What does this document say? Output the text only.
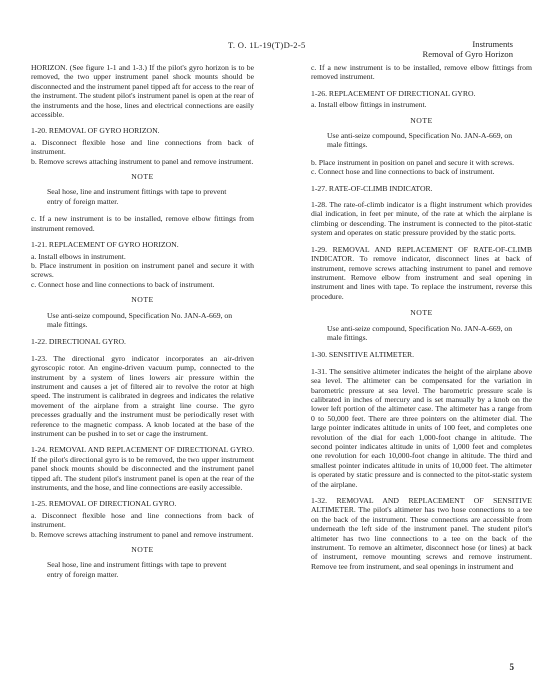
T. O. 1L-19(T)D-2-5	Instruments
Removal of Gyro Horizon

HORIZON. (See figure 1-1 and 1-3.) If the pilot's gyro horizon is to be removed, the two upper instrument panel shock mounts should be disconnected and the instrument panel tipped aft for access to the rear of the instrument. The student pilot's instrument panel is open at the rear of the instruments and the hose, lines and electrical connections are easily accessible.

1-20. REMOVAL OF GYRO HORIZON.

a. Disconnect flexible hose and line connections from back of instrument.

b. Remove screws attaching instrument to panel and remove instrument.

NOTE

Seal hose, line and instrument fittings with tape to prevent entry of foreign matter.

c. If a new instrument is to be installed, remove elbow fittings from instrument removed.

1-21. REPLACEMENT OF GYRO HORIZON.

a. Install elbows in instrument.

b. Place instrument in position on instrument panel and secure it with screws.

c. Connect hose and line connections to back of instrument.

NOTE

Use anti-seize compound, Specification No. JAN-A-669, on male fittings.

1-22. DIRECTIONAL GYRO.

1-23. The directional gyro indicator incorporates an air-driven gyroscopic rotor. An engine-driven vacuum pump, connected to the instrument by a system of lines lowers air pressure within the instrument and causes a jet of filtered air to revolve the rotor at high speed. The instrument is calibrated in degrees and indicates the relative movement of the airplane from a straight line course. The gyro precesses gradually and the instrument must be periodically reset with reference to the magnetic compass. A knob located at the base of the instrument can be pushed in to set or cage the instrument.

1-24. REMOVAL AND REPLACEMENT OF DIRECTIONAL GYRO. If the pilot's directional gyro is to be removed, the two upper instrument panel shock mounts should be disconnected and the instrument panel tipped aft. The student pilot's instrument panel is open at the rear of the instruments, and the hose, and line connections are easily accessible.

1-25. REMOVAL OF DIRECTIONAL GYRO.

a. Disconnect flexible hose and line connections from back of instrument.

b. Remove screws attaching instrument to panel and remove instrument.

NOTE

Seal hose, line and instrument fittings with tape to prevent entry of foreign matter.

c. If a new instrument is to be installed, remove elbow fittings from removed instrument.

1-26. REPLACEMENT OF DIRECTIONAL GYRO.

a. Install elbow fittings in instrument.

NOTE

Use anti-seize compound, Specification No. JAN-A-669, on male fittings.

b. Place instrument in position on panel and secure it with screws.

c. Connect hose and line connections to back of instrument.

1-27. RATE-OF-CLIMB INDICATOR.

1-28. The rate-of-climb indicator is a flight instrument which provides dial indication, in feet per minute, of the rate at which the airplane is climbing or descending. The instrument is connected to the pitot-static system and operates on static pressure provided by the static ports.

1-29. REMOVAL AND REPLACEMENT OF RATE-OF-CLIMB INDICATOR. To remove indicator, disconnect lines at back of instrument, remove screws attaching instrument to panel and remove instrument. Remove elbow from instrument and seal opening in instrument and lines with tape. To replace the instrument, reverse this procedure.

NOTE

Use anti-seize compound, Specification No. JAN-A-669, on male fittings.

1-30. SENSITIVE ALTIMETER.

1-31. The sensitive altimeter indicates the height of the airplane above sea level. The altimeter can be compensated for the variation in barometric pressure at sea level. The barometric pressure scale is calibrated in inches of mercury and is set manually by a knob on the lower left portion of the altimeter case. The altimeter has a range from 0 to 50,000 feet. There are three pointers on the altimeter dial. The large pointer indicates altitude in units of 100 feet, and completes one revolution of the dial for each 1,000-foot change in altitude. The second pointer indicates altitude in units of 1,000 feet and completes one revolution for each 10,000-foot change in altitude. The third and smallest pointer indicates altitude in units of 10,000 feet. The altimeter is operated by static pressure and is connected to the pitot-static system of the airplane.

1-32. REMOVAL AND REPLACEMENT OF SENSITIVE ALTIMETER. The pilot's altimeter has two hose connections to a tee on the back of the instrument. These connections are accessible from underneath the left side of the instrument panel. The student pilot's altimeter has two line connections to a tee on the back of the instrument. To remove an altimeter, disconnect hose (or lines) at back of instrument, remove mounting screws and remove instrument. Remove tee from instrument, and seal openings in instrument and

5
